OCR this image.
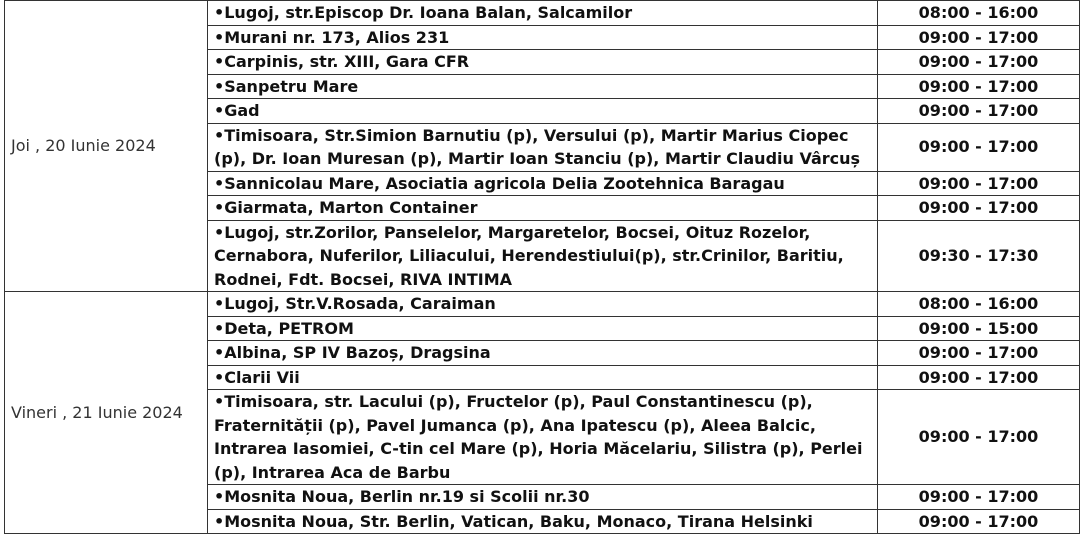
Joi , 20 Iunie 2024	•Lugoj, str.Episcop Dr. Ioana Balan, Salcamilor	08:00 - 16:00
	•Murani nr. 173, Alios 231	09:00 - 17:00
	•Carpinis, str. XIII, Gara CFR	09:00 - 17:00
	•Sanpetru Mare	09:00 - 17:00
	•Gad	09:00 - 17:00
	•Timisoara, Str.Simion Barnutiu (p), Versului (p), Martir Marius Ciopec (p), Dr. Ioan Muresan (p), Martir Ioan Stanciu (p), Martir Claudiu Vârcuș	09:00 - 17:00
	•Sannicolau Mare, Asociatia agricola Delia Zootehnica Baragau	09:00 - 17:00
	•Giarmata, Marton Container	09:00 - 17:00
	•Lugoj, str.Zorilor, Panselelor, Margaretelor, Bocsei, Oituz Rozelor, Cernabora, Nuferilor, Liliacului, Herendestiului(p), str.Crinilor, Baritiu, Rodnei, Fdt. Bocsei, RIVA INTIMA	09:30 - 17:30
Vineri , 21 Iunie 2024	•Lugoj, Str.V.Rosada, Caraiman	08:00 - 16:00
	•Deta, PETROM	09:00 - 15:00
	•Albina, SP IV Bazoș, Dragsina	09:00 - 17:00
	•Clarii Vii	09:00 - 17:00
	•Timisoara, str. Lacului (p), Fructelor (p), Paul Constantinescu (p), Fraternității (p), Pavel Jumanca (p), Ana Ipatescu (p), Aleea Balcic, Intrarea Iasomiei, C-tin cel Mare (p), Horia Măcelariu, Silistra (p), Perlei (p), Intrarea Aca de Barbu	09:00 - 17:00
	•Mosnita Noua, Berlin nr.19 si Scolii nr.30	09:00 - 17:00
	•Mosnita Noua, Str. Berlin, Vatican, Baku, Monaco, Tirana Helsinki	09:00 - 17:00
